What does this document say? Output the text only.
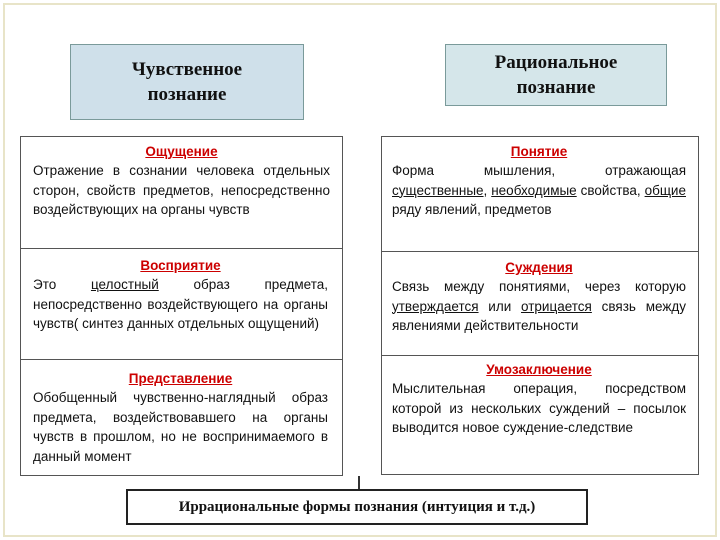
Чувственное
познание
Рациональное
познание
Ощущение
Отражение в сознании человека отдельных сторон, свойств предметов, непосредственно воздействующих на органы чувств
Восприятие
Это целостный образ предмета, непосредственно воздействующего на органы чувств( синтез данных отдельных ощущений)
Представление
Обобщенный чувственно-наглядный образ предмета, воздействовавшего на органы чувств в прошлом, но не воспринимаемого в данный момент
Понятие
Форма мышления, отражающая существенные, необходимые свойства, общие ряду явлений, предметов
Суждения
Связь между понятиями, через которую утверждается или отрицается связь между явлениями действительности
Умозаключение
Мыслительная операция, посредством которой из нескольких суждений – посылок выводится новое суждение-следствие
Иррациональные формы познания (интуиция и т.д.)
